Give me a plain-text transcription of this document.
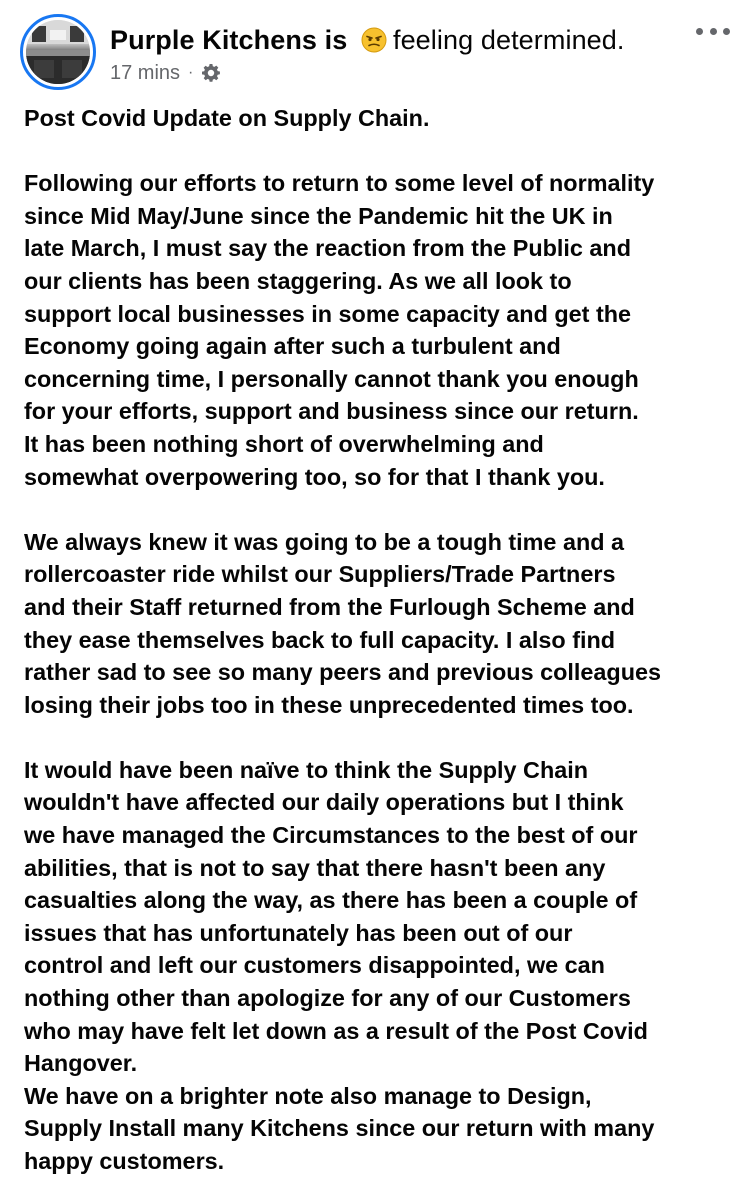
Purple Kitchens is feeling determined.
17 mins ·
Post Covid Update on Supply Chain.
Following our efforts to return to some level of normality
since Mid May/June since the Pandemic hit the UK in
late March, I must say the reaction from the Public and
our clients has been staggering. As we all look to
support local businesses in some capacity and get the
Economy going again after such a turbulent and
concerning time, I personally cannot thank you enough
for your efforts, support and business since our return.
It has been nothing short of overwhelming and
somewhat overpowering too, so for that I thank you.
We always knew it was going to be a tough time and a
rollercoaster ride whilst our Suppliers/Trade Partners
and their Staff returned from the Furlough Scheme and
they ease themselves back to full capacity. I also find
rather sad to see so many peers and previous colleagues
losing their jobs too in these unprecedented times too.
It would have been naïve to think the Supply Chain
wouldn't have affected our daily operations but I think
we have managed the Circumstances to the best of our
abilities, that is not to say that there hasn't been any
casualties along the way, as there has been a couple of
issues that has unfortunately has been out of our
control and left our customers disappointed, we can
nothing other than apologize for any of our Customers
who may have felt let down as a result of the Post Covid
Hangover.
We have on a brighter note also manage to Design,
Supply Install many Kitchens since our return with many
happy customers.
